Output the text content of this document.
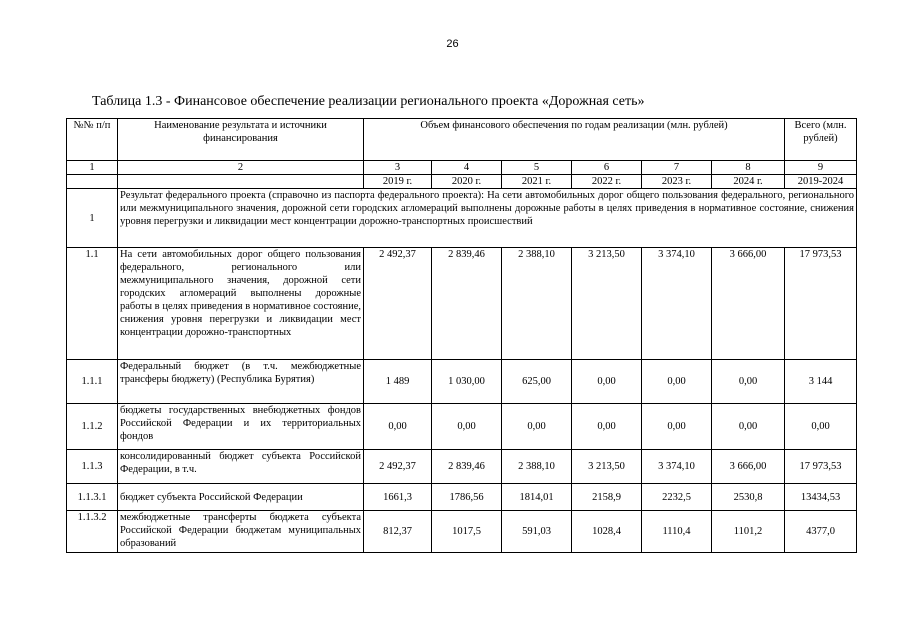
26
Таблица 1.3 - Финансовое обеспечение реализации регионального проекта «Дорожная сеть»
№№ п/п	Наименование результата и источники финансирования	Объем финансового обеспечения по годам реализации (млн. рублей)						Всего (млн. рублей)
1	2	3	4	5	6	7	8	9
		2019 г.	2020 г.	2021 г.	2022 г.	2023 г.	2024 г.	2019-2024
1	Результат федерального проекта (справочно из паспорта федерального проекта): На сети автомобильных дорог общего пользования федерального, регионального или межмуниципального значения, дорожной сети городских агломераций выполнены дорожные работы в целях приведения в нормативное состояние, снижения уровня перегрузки и ликвидации мест концентрации дорожно-транспортных происшествий							
1.1	На сети автомобильных дорог общего пользования федерального, регионального или межмуниципального значения, дорожной сети городских агломераций выполнены дорожные работы в целях приведения в нормативное состояние, снижения уровня перегрузки и ликвидации мест концентрации дорожно-транспортных	2 492,37	2 839,46	2 388,10	3 213,50	3 374,10	3 666,00	17 973,53
1.1.1	Федеральный бюджет (в т.ч. межбюджетные трансферы бюджету) (Республика Бурятия)	1 489	1 030,00	625,00	0,00	0,00	0,00	3 144
1.1.2	бюджеты государственных внебюджетных фондов Российской Федерации и их территориальных фондов	0,00	0,00	0,00	0,00	0,00	0,00	0,00
1.1.3	консолидированный бюджет субъекта Российской Федерации, в т.ч.	2 492,37	2 839,46	2 388,10	3 213,50	3 374,10	3 666,00	17 973,53
1.1.3.1	бюджет субъекта Российской Федерации	1661,3	1786,56	1814,01	2158,9	2232,5	2530,8	13434,53
1.1.3.2	межбюджетные трансферты бюджета субъекта Российской Федерации бюджетам муниципальных образований	812,37	1017,5	591,03	1028,4	1110,4	1101,2	4377,0
